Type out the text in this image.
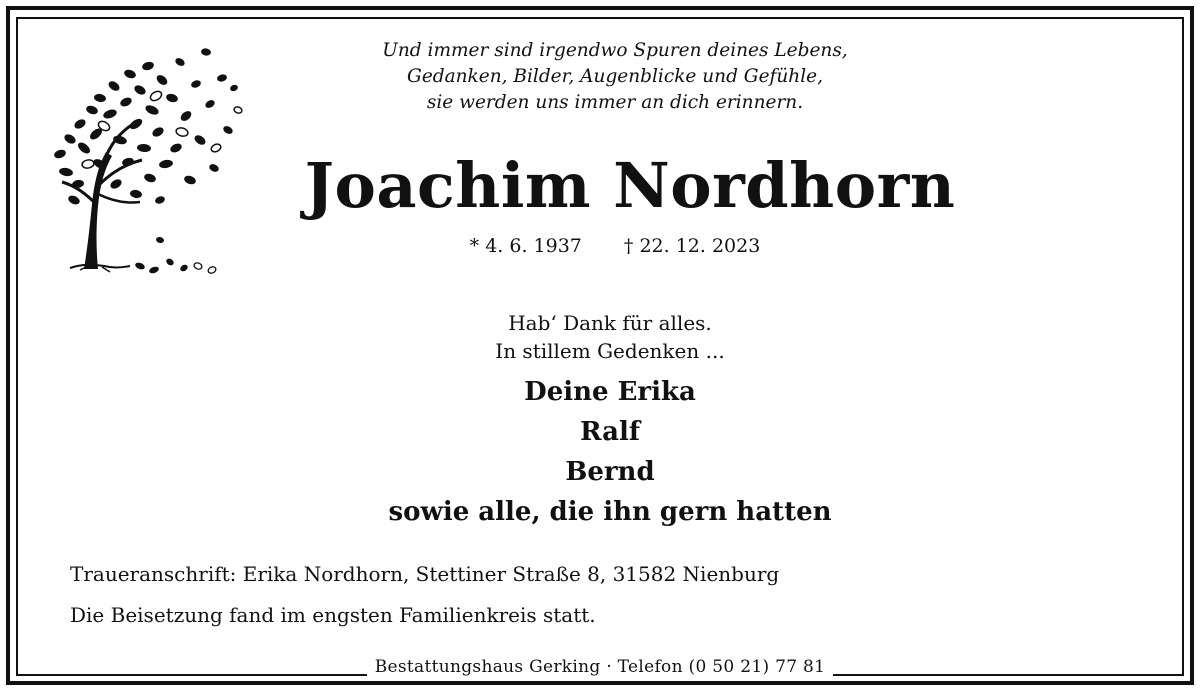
Und immer sind irgendwo Spuren deines Lebens,
Gedanken, Bilder, Augenblicke und Gefühle,
sie werden uns immer an dich erinnern.
Joachim Nordhorn
* 4. 6. 1937 † 22. 12. 2023
Hab‘ Dank für alles.
In stillem Gedenken ...
Deine Erika
Ralf
Bernd
sowie alle, die ihn gern hatten
Traueranschrift: Erika Nordhorn, Stettiner Straße 8, 31582 Nienburg
Die Beisetzung fand im engsten Familienkreis statt.
Bestattungshaus Gerking · Telefon (0 50 21) 77 81
